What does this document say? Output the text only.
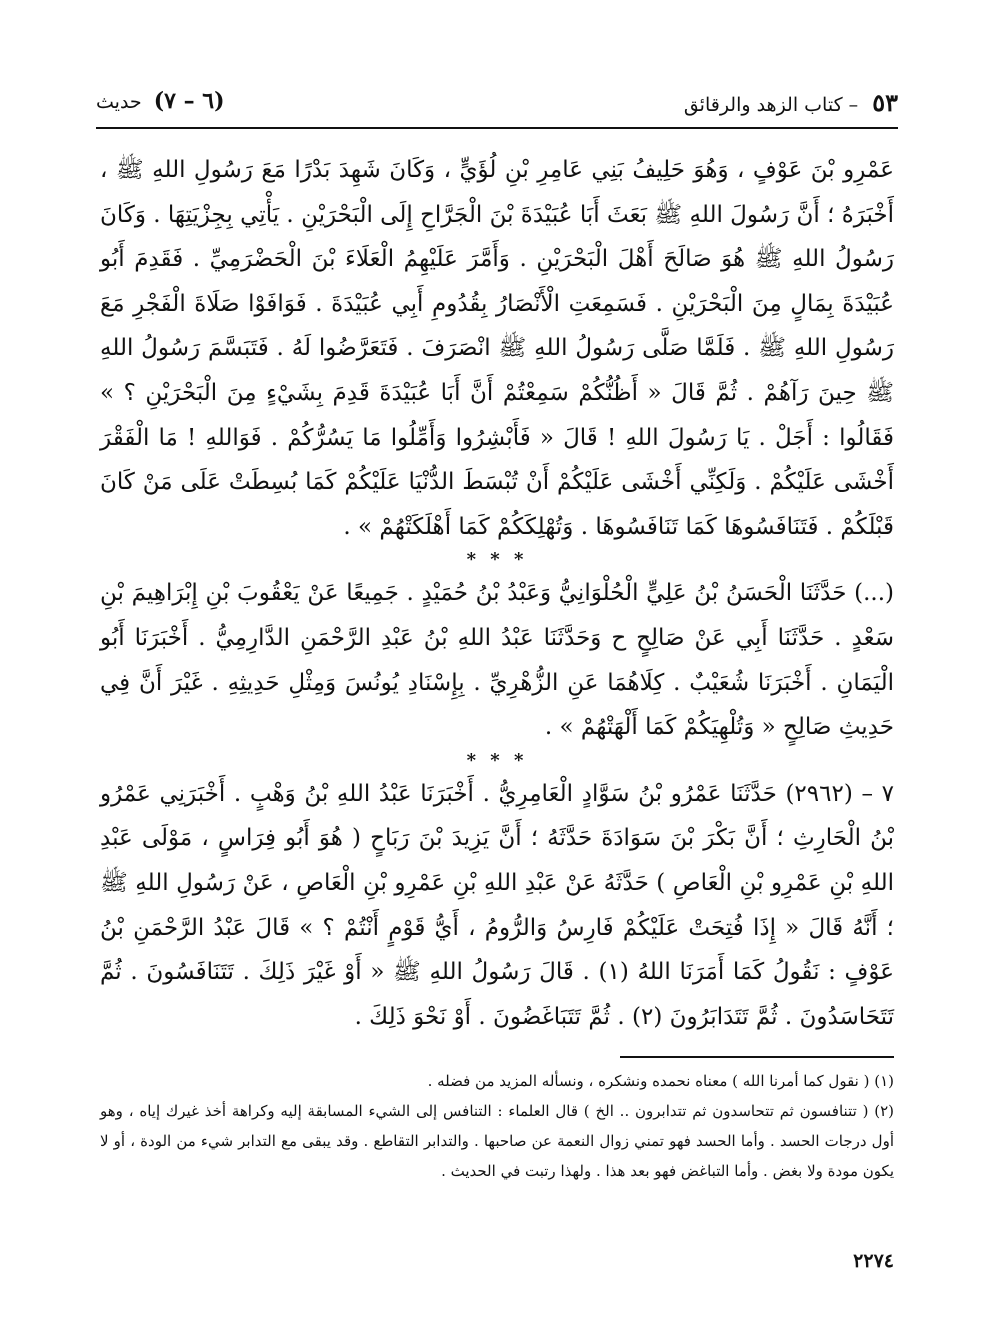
٥٣ – كتاب الزهد والرقائق
(٦ – ٧) حديث

عَمْرِو بْنَ عَوْفٍ ، وَهُوَ حَلِيفُ بَنِي عَامِرِ بْنِ لُؤَيٍّ ، وَكَانَ شَهِدَ بَدْرًا مَعَ رَسُولِ اللهِ ﷺ ، أَخْبَرَهُ ؛ أَنَّ رَسُولَ اللهِ ﷺ بَعَثَ أَبَا عُبَيْدَةَ بْنَ الْجَرَّاحِ إِلَى الْبَحْرَيْنِ . يَأْتِي بِجِزْيَتِهَا . وَكَانَ رَسُولُ اللهِ ﷺ هُوَ صَالَحَ أَهْلَ الْبَحْرَيْنِ . وَأَمَّرَ عَلَيْهِمُ الْعَلَاءَ بْنَ الْحَضْرَمِيِّ . فَقَدِمَ أَبُو عُبَيْدَةَ بِمَالٍ مِنَ الْبَحْرَيْنِ . فَسَمِعَتِ الْأَنْصَارُ بِقُدُومِ أَبِي عُبَيْدَةَ . فَوَافَوْا صَلَاةَ الْفَجْرِ مَعَ رَسُولِ اللهِ ﷺ . فَلَمَّا صَلَّى رَسُولُ اللهِ ﷺ انْصَرَفَ . فَتَعَرَّضُوا لَهُ . فَتَبَسَّمَ رَسُولُ اللهِ ﷺ حِينَ رَآهُمْ . ثُمَّ قَالَ « أَظُنُّكُمْ سَمِعْتُمْ أَنَّ أَبَا عُبَيْدَةَ قَدِمَ بِشَيْءٍ مِنَ الْبَحْرَيْنِ ؟ » فَقَالُوا : أَجَلْ . يَا رَسُولَ اللهِ ! قَالَ « فَأَبْشِرُوا وَأَمِّلُوا مَا يَسُرُّكُمْ . فَوَاللهِ ! مَا الْفَقْرَ أَخْشَى عَلَيْكُمْ . وَلَكِنِّي أَخْشَى عَلَيْكُمْ أَنْ تُبْسَطَ الدُّنْيَا عَلَيْكُمْ كَمَا بُسِطَتْ عَلَى مَنْ كَانَ قَبْلَكُمْ . فَتَنَافَسُوهَا كَمَا تَنَافَسُوهَا . وَتُهْلِكَكُمْ كَمَا أَهْلَكَتْهُمْ » .

* * *

(...) حَدَّثَنَا الْحَسَنُ بْنُ عَلِيٍّ الْحُلْوَانِيُّ وَعَبْدُ بْنُ حُمَيْدٍ . جَمِيعًا عَنْ يَعْقُوبَ بْنِ إِبْرَاهِيمَ بْنِ سَعْدٍ . حَدَّثَنَا أَبِي عَنْ صَالِحٍ ح وَحَدَّثَنَا عَبْدُ اللهِ بْنُ عَبْدِ الرَّحْمَنِ الدَّارِمِيُّ . أَخْبَرَنَا أَبُو الْيَمَانِ . أَخْبَرَنَا شُعَيْبٌ . كِلَاهُمَا عَنِ الزُّهْرِيِّ . بِإِسْنَادِ يُونُسَ وَمِثْلِ حَدِيثِهِ . غَيْرَ أَنَّ فِي حَدِيثِ صَالِحٍ « وَتُلْهِيَكُمْ كَمَا أَلْهَتْهُمْ » .

* * *

٧ – (٢٩٦٢) حَدَّثَنَا عَمْرُو بْنُ سَوَّادٍ الْعَامِرِيُّ . أَخْبَرَنَا عَبْدُ اللهِ بْنُ وَهْبٍ . أَخْبَرَنِي عَمْرُو بْنُ الْحَارِثِ ؛ أَنَّ بَكْرَ بْنَ سَوَادَةَ حَدَّثَهُ ؛ أَنَّ يَزِيدَ بْنَ رَبَاحٍ ( هُوَ أَبُو فِرَاسٍ ، مَوْلَى عَبْدِ اللهِ بْنِ عَمْرِو بْنِ الْعَاصِ ) حَدَّثَهُ عَنْ عَبْدِ اللهِ بْنِ عَمْرِو بْنِ الْعَاصِ ، عَنْ رَسُولِ اللهِ ﷺ ؛ أَنَّهُ قَالَ « إِذَا فُتِحَتْ عَلَيْكُمْ فَارِسُ وَالرُّومُ ، أَيُّ قَوْمٍ أَنْتُمْ ؟ » قَالَ عَبْدُ الرَّحْمَنِ بْنُ عَوْفٍ : نَقُولُ كَمَا أَمَرَنَا اللهُ (١) . قَالَ رَسُولُ اللهِ ﷺ « أَوْ غَيْرَ ذَلِكَ . تَتَنَافَسُونَ . ثُمَّ تَتَحَاسَدُونَ . ثُمَّ تَتَدَابَرُونَ (٢) . ثُمَّ تَتَبَاغَضُونَ . أَوْ نَحْوَ ذَلِكَ .

(١) ( نقول كما أمرنا الله ) معناه نحمده ونشكره ، ونسأله المزيد من فضله .

(٢) ( تتنافسون ثم تتحاسدون ثم تتدابرون .. الخ ) قال العلماء : التنافس إلى الشيء المسابقة إليه وكراهة أخذ غيرك إياه ، وهو أول درجات الحسد . وأما الحسد فهو تمني زوال النعمة عن صاحبها . والتدابر التقاطع . وقد يبقى مع التدابر شيء من الودة ، أو لا يكون مودة ولا بغض . وأما التباغض فهو بعد هذا . ولهذا رتبت في الحديث .

٢٢٧٤
